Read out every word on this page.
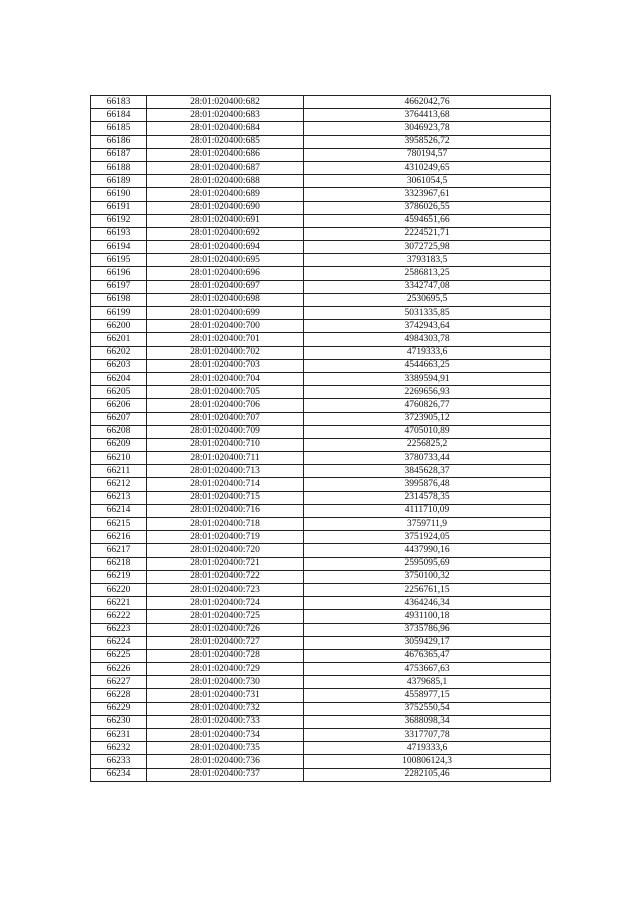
66183	28:01:020400:682	4662042,76
66184	28:01:020400:683	3764413,68
66185	28:01:020400:684	3046923,78
66186	28:01:020400:685	3958526,72
66187	28:01:020400:686	780194,57
66188	28:01:020400:687	4310249,65
66189	28:01:020400:688	3061054,5
66190	28:01:020400:689	3323967,61
66191	28:01:020400:690	3786026,55
66192	28:01:020400:691	4594651,66
66193	28:01:020400:692	2224521,71
66194	28:01:020400:694	3072725,98
66195	28:01:020400:695	3793183,5
66196	28:01:020400:696	2586813,25
66197	28:01:020400:697	3342747,08
66198	28:01:020400:698	2530695,5
66199	28:01:020400:699	5031335,85
66200	28:01:020400:700	3742943,64
66201	28:01:020400:701	4984303,78
66202	28:01:020400:702	4719333,6
66203	28:01:020400:703	4544663,25
66204	28:01:020400:704	3389594,91
66205	28:01:020400:705	2269656,93
66206	28:01:020400:706	4760826,77
66207	28:01:020400:707	3723905,12
66208	28:01:020400:709	4705010,89
66209	28:01:020400:710	2256825,2
66210	28:01:020400:711	3780733,44
66211	28:01:020400:713	3845628,37
66212	28:01:020400:714	3995876,48
66213	28:01:020400:715	2314578,35
66214	28:01:020400:716	4111710,09
66215	28:01:020400:718	3759711,9
66216	28:01:020400:719	3751924,05
66217	28:01:020400:720	4437990,16
66218	28:01:020400:721	2595095,69
66219	28:01:020400:722	3750100,32
66220	28:01:020400:723	2256761,15
66221	28:01:020400:724	4364246,34
66222	28:01:020400:725	4931100,18
66223	28:01:020400:726	3735786,96
66224	28:01:020400:727	3059429,17
66225	28:01:020400:728	4676365,47
66226	28:01:020400:729	4753667,63
66227	28:01:020400:730	4379685,1
66228	28:01:020400:731	4558977,15
66229	28:01:020400:732	3752550,54
66230	28:01:020400:733	3688098,34
66231	28:01:020400:734	3317707,78
66232	28:01:020400:735	4719333,6
66233	28:01:020400:736	100806124,3
66234	28:01:020400:737	2282105,46
